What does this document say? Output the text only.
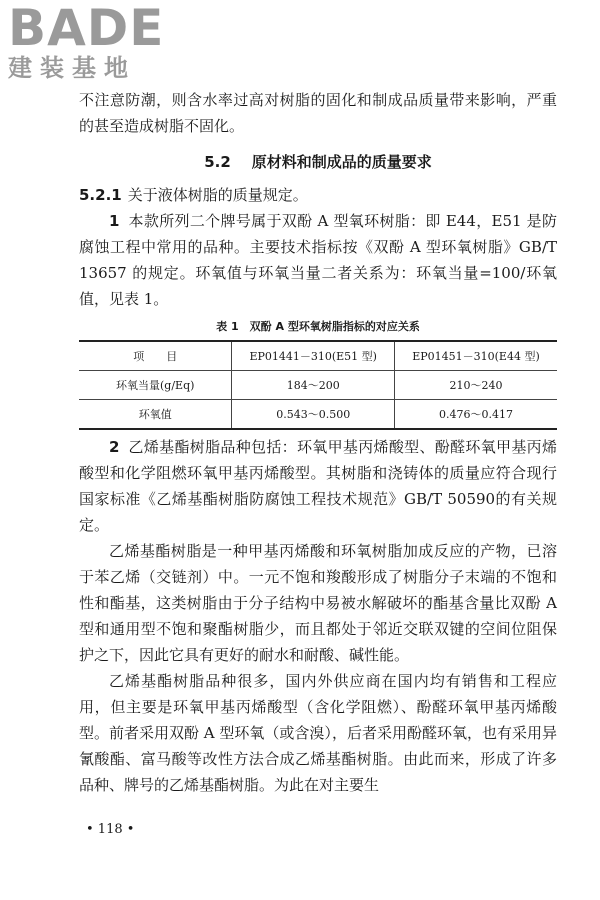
BADE
建装基地

不注意防潮，则含水率过高对树脂的固化和制成品质量带来影响，严重的甚至造成树脂不固化。

5.2 原材料和制成品的质量要求

5.2.1 关于液体树脂的质量规定。

1 本款所列二个牌号属于双酚 A 型氧环树脂：即 E44，E51 是防腐蚀工程中常用的品种。主要技术指标按《双酚 A 型环氧树脂》GB/T 13657 的规定。环氧值与环氧当量二者关系为：环氧当量=100/环氧值，见表 1。

表 1　双酚 A 型环氧树脂指标的对应关系
项　　目	EP01441－310(E51 型)	EP01451－310(E44 型)
环氧当量(g/Eq)	184～200	210～240
环氧值	0.543～0.500	0.476～0.417

2 乙烯基酯树脂品种包括：环氧甲基丙烯酸型、酚醛环氧甲基丙烯酸型和化学阻燃环氧甲基丙烯酸型。其树脂和浇铸体的质量应符合现行国家标准《乙烯基酯树脂防腐蚀工程技术规范》GB/T 50590的有关规定。

乙烯基酯树脂是一种甲基丙烯酸和环氧树脂加成反应的产物，已溶于苯乙烯（交链剂）中。一元不饱和羧酸形成了树脂分子末端的不饱和性和酯基，这类树脂由于分子结构中易被水解破坏的酯基含量比双酚 A 型和通用型不饱和聚酯树脂少，而且都处于邻近交联双键的空间位阻保护之下，因此它具有更好的耐水和耐酸、碱性能。

乙烯基酯树脂品种很多，国内外供应商在国内均有销售和工程应用，但主要是环氧甲基丙烯酸型（含化学阻燃）、酚醛环氧甲基丙烯酸型。前者采用双酚 A 型环氧（或含溴），后者采用酚醛环氧，也有采用异氰酸酯、富马酸等改性方法合成乙烯基酯树脂。由此而来，形成了许多品种、牌号的乙烯基酯树脂。为此在对主要生

• 118 •
